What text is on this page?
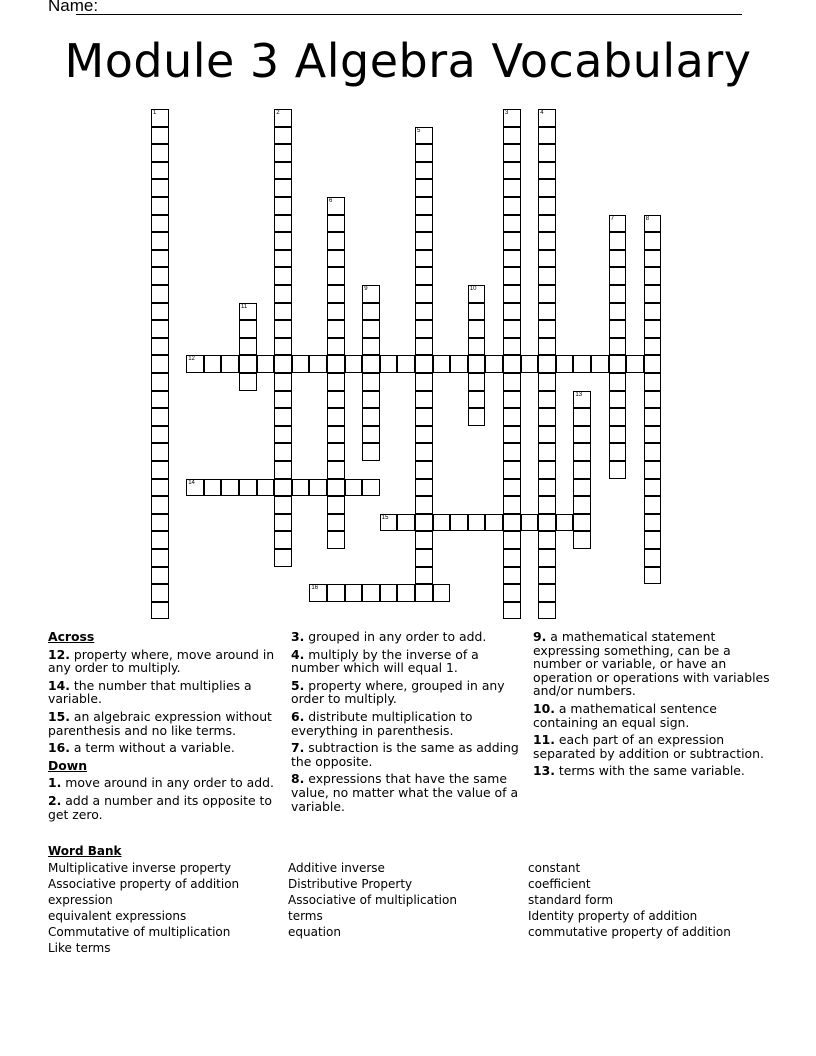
Name:
Module 3 Algebra Vocabulary
1	2	3	4
5
6
7	8
9	10
11
12
13
14
15
16
Across
12. property where, move around in any order to multiply.
14. the number that multiplies a variable.
15. an algebraic expression without parenthesis and no like terms.
16. a term without a variable.
Down
1. move around in any order to add.
2. add a number and its opposite to get zero.
3. grouped in any order to add.
4. multiply by the inverse of a number which will equal 1.
5. property where, grouped in any order to multiply.
6. distribute multiplication to everything in parenthesis.
7. subtraction is the same as adding the opposite.
8. expressions that have the same value, no matter what the value of a variable.
9. a mathematical statement expressing something, can be a number or variable, or have an operation or operations with variables and/or numbers.
10. a mathematical sentence containing an equal sign.
11. each part of an expression separated by addition or subtraction.
13. terms with the same variable.
Word Bank
Multiplicative inverse property
Associative property of addition
expression
equivalent expressions
Commutative of multiplication
Like terms
Additive inverse
Distributive Property
Associative of multiplication
terms
equation
constant
coefficient
standard form
Identity property of addition
commutative property of addition
